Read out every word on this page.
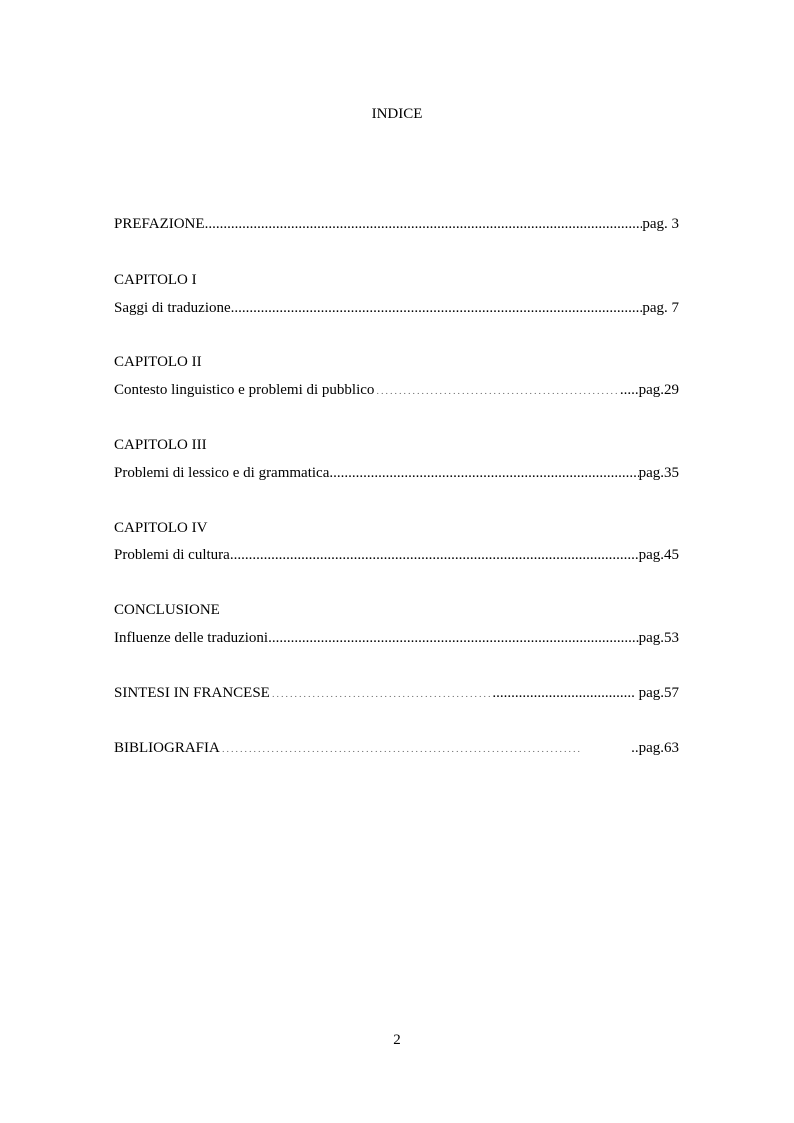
INDICE
PREFAZIONE .....	pag. 3
CAPITOLO I
Saggi di traduzione .....	pag. 7
CAPITOLO II
Contesto linguistico e problemi di pubblico . . .	.....pag.29
CAPITOLO III
Problemi di lessico e di grammatica .....	pag.35
CAPITOLO IV
Problemi di cultura .....	pag.45
CONCLUSIONE
Influenze delle traduzioni .....	pag.53
SINTESI IN FRANCESE . . .	...................................... pag.57
BIBLIOGRAFIA . . .	..pag.63
2
